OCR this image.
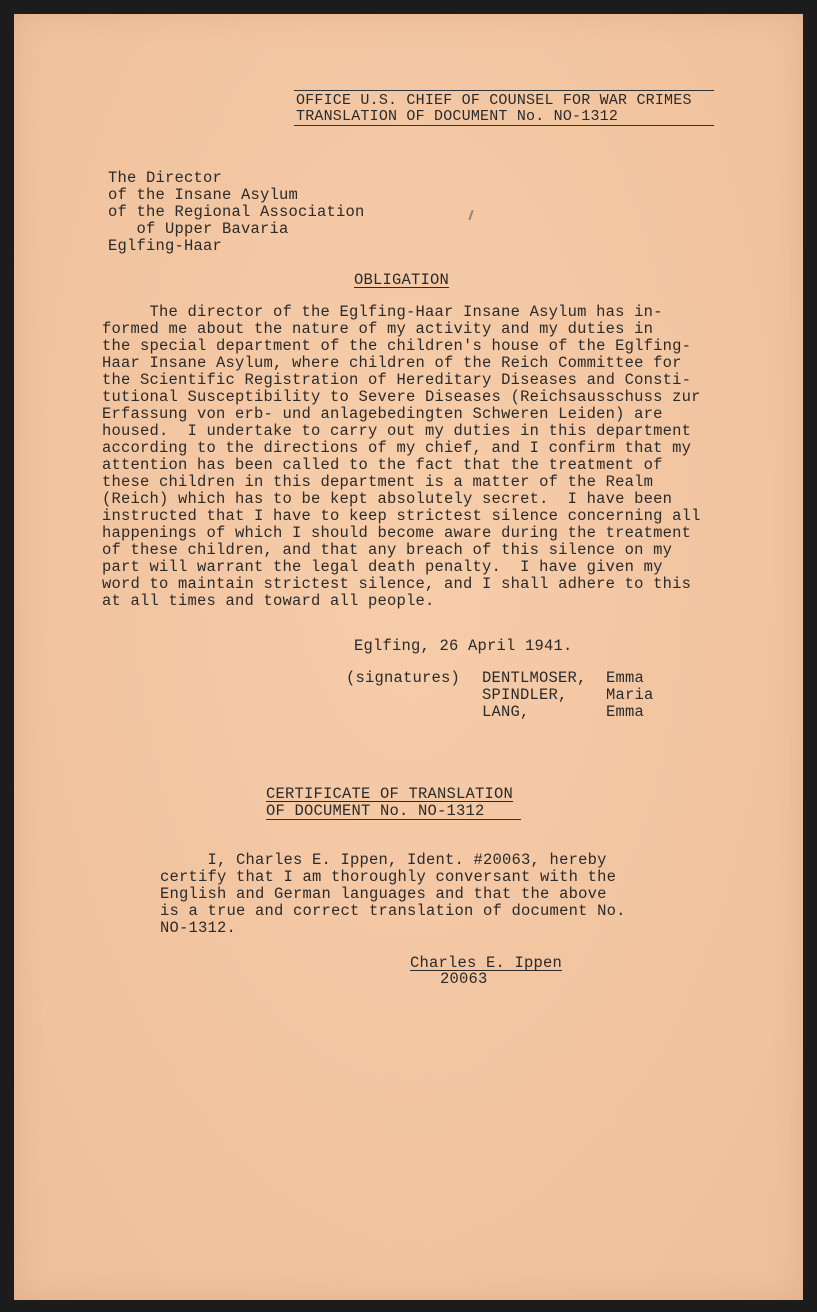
OFFICE U.S. CHIEF OF COUNSEL FOR WAR CRIMES
TRANSLATION OF DOCUMENT No. NO-1312
The Director
of the Insane Asylum
of the Regional Association
of Upper Bavaria
Eglfing-Haar
OBLIGATION
The director of the Eglfing-Haar Insane Asylum has in-
formed me about the nature of my activity and my duties in
the special department of the children's house of the Eglfing-
Haar Insane Asylum, where children of the Reich Committee for
the Scientific Registration of Hereditary Diseases and Consti-
tutional Susceptibility to Severe Diseases (Reichsausschuss zur
Erfassung von erb- und anlagebedingten Schweren Leiden) are
housed.  I undertake to carry out my duties in this department
according to the directions of my chief, and I confirm that my
attention has been called to the fact that the treatment of
these children in this department is a matter of the Realm
(Reich) which has to be kept absolutely secret.  I have been
instructed that I have to keep strictest silence concerning all
happenings of which I should become aware during the treatment
of these children, and that any breach of this silence on my
part will warrant the legal death penalty.  I have given my
word to maintain strictest silence, and I shall adhere to this
at all times and toward all people.
Eglfing, 26 April 1941.
(signatures) DENTLMOSER, Emma
SPINDLER, Maria
LANG,	Emma
CERTIFICATE OF TRANSLATION
OF DOCUMENT No. NO-1312
I, Charles E. Ippen, Ident. #20063, hereby
certify that I am thoroughly conversant with the
English and German languages and that the above
is a true and correct translation of document No.
NO-1312.
Charles E. Ippen
20063
